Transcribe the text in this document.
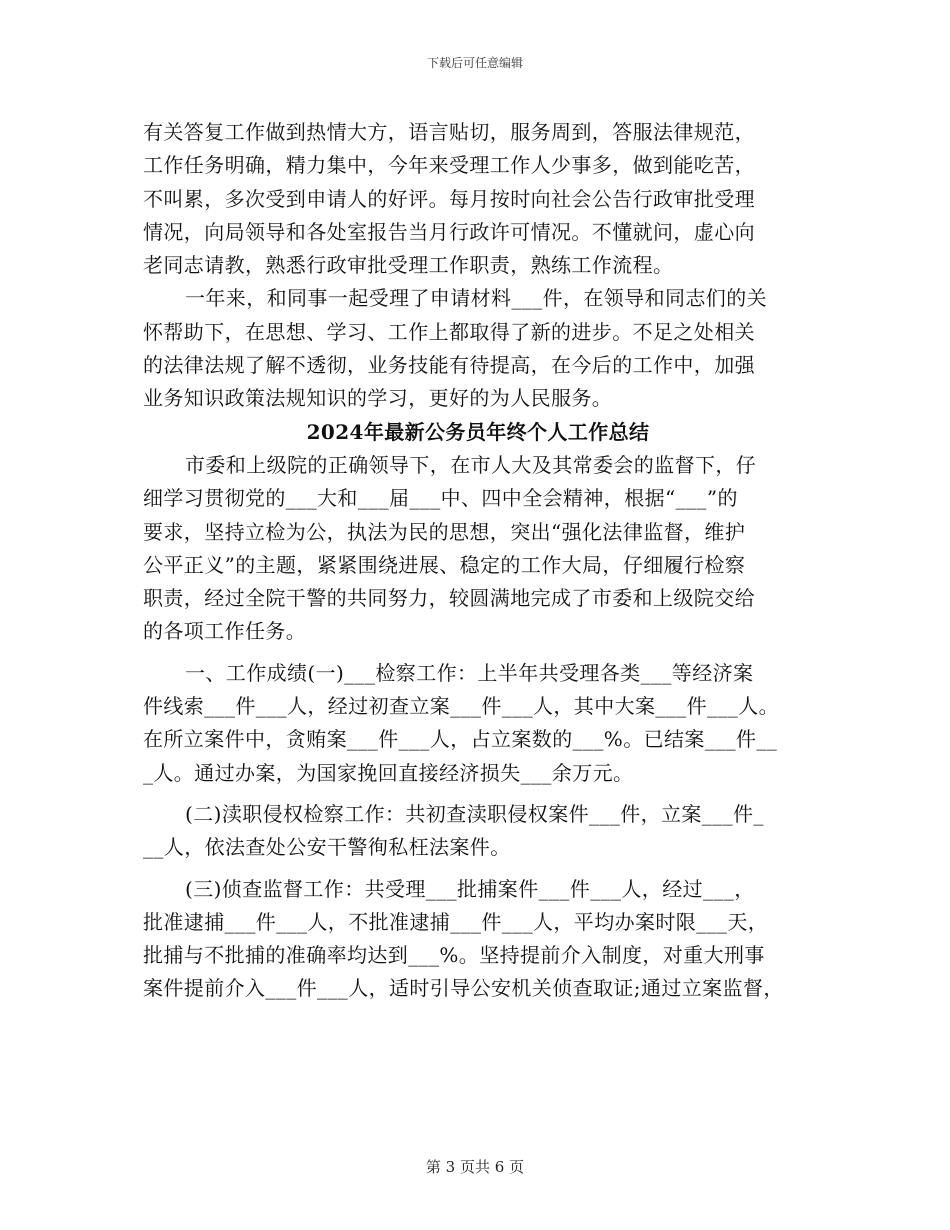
下载后可任意编辑
有关答复工作做到热情大方，语言贴切，服务周到，答服法律规范，
工作任务明确，精力集中，今年来受理工作人少事多，做到能吃苦，
不叫累，多次受到申请人的好评。每月按时向社会公告行政审批受理
情况，向局领导和各处室报告当月行政许可情况。不懂就问，虚心向
老同志请教，熟悉行政审批受理工作职责，熟练工作流程。
一年来，和同事一起受理了申请材料___件，在领导和同志们的关
怀帮助下，在思想、学习、工作上都取得了新的进步。不足之处相关
的法律法规了解不透彻，业务技能有待提高，在今后的工作中，加强
业务知识政策法规知识的学习，更好的为人民服务。
2024年最新公务员年终个人工作总结
市委和上级院的正确领导下，在市人大及其常委会的监督下，仔
细学习贯彻党的___大和___届___中、四中全会精神，根据“___”的
要求，坚持立检为公，执法为民的思想，突出“强化法律监督，维护
公平正义”的主题，紧紧围绕进展、稳定的工作大局，仔细履行检察
职责，经过全院干警的共同努力，较圆满地完成了市委和上级院交给
的各项工作任务。
一、工作成绩(一)___检察工作：上半年共受理各类___等经济案
件线索___件___人，经过初查立案___件___人，其中大案___件___人。
在所立案件中，贪贿案___件___人，占立案数的___%。已结案___件__
_人。通过办案，为国家挽回直接经济损失___余万元。
(二)渎职侵权检察工作：共初查渎职侵权案件___件，立案___件_
__人，依法查处公安干警徇私枉法案件。
(三)侦查监督工作：共受理___批捕案件___件___人，经过___，
批准逮捕___件___人，不批准逮捕___件___人，平均办案时限___天，
批捕与不批捕的准确率均达到___%。坚持提前介入制度，对重大刑事
案件提前介入___件___人，适时引导公安机关侦查取证;通过立案监督，
第 3 页共 6 页
